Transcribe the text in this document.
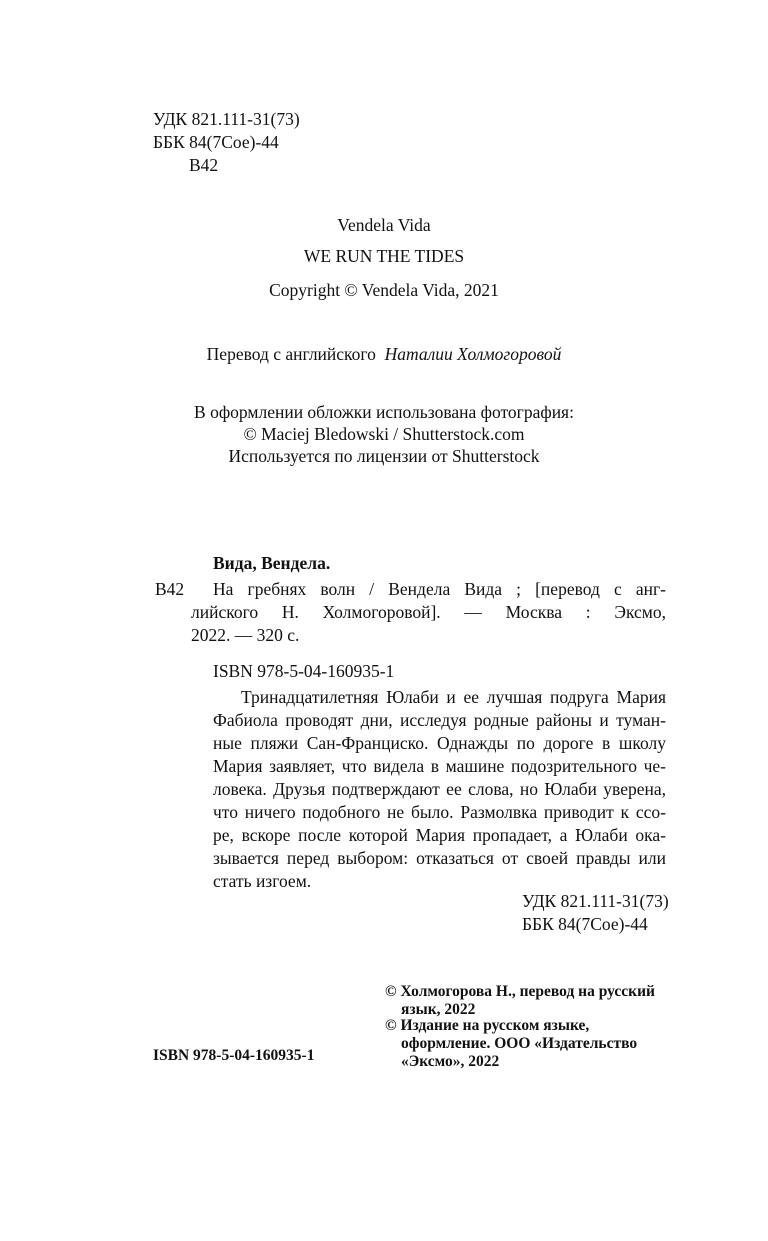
УДК 821.111-31(73)

ББК 84(7Сое)-44

В42

Vendela Vida

WE RUN THE TIDES

Copyright © Vendela Vida, 2021

Перевод с английского Наталии Холмогоровой

В оформлении обложки использована фотография:

© Maciej Bledowski / Shutterstock.com

Используется по лицензии от Shutterstock

Вида, Вендела.

В42 На гребнях волн / Вендела Вида ; [перевод с анг-

лийского Н. Холмогоровой]. — Москва : Эксмо,

2022. — 320 с.

ISBN 978-5-04-160935-1

Тринадцатилетняя Юлаби и ее лучшая подруга Мария

Фабиола проводят дни, исследуя родные районы и туман-

ные пляжи Сан-Франциско. Однажды по дороге в школу

Мария заявляет, что видела в машине подозрительного че-

ловека. Друзья подтверждают ее слова, но Юлаби уверена,

что ничего подобного не было. Размолвка приводит к ссо-

ре, вскоре после которой Мария пропадает, а Юлаби ока-

зывается перед выбором: отказаться от своей правды или

стать изгоем.

УДК 821.111-31(73)

ББК 84(7Сое)-44

ISBN 978-5-04-160935-1

© Холмогорова Н., перевод на русский

язык, 2022

© Издание на русском языке,

оформление. ООО «Издательство

«Эксмо», 2022
